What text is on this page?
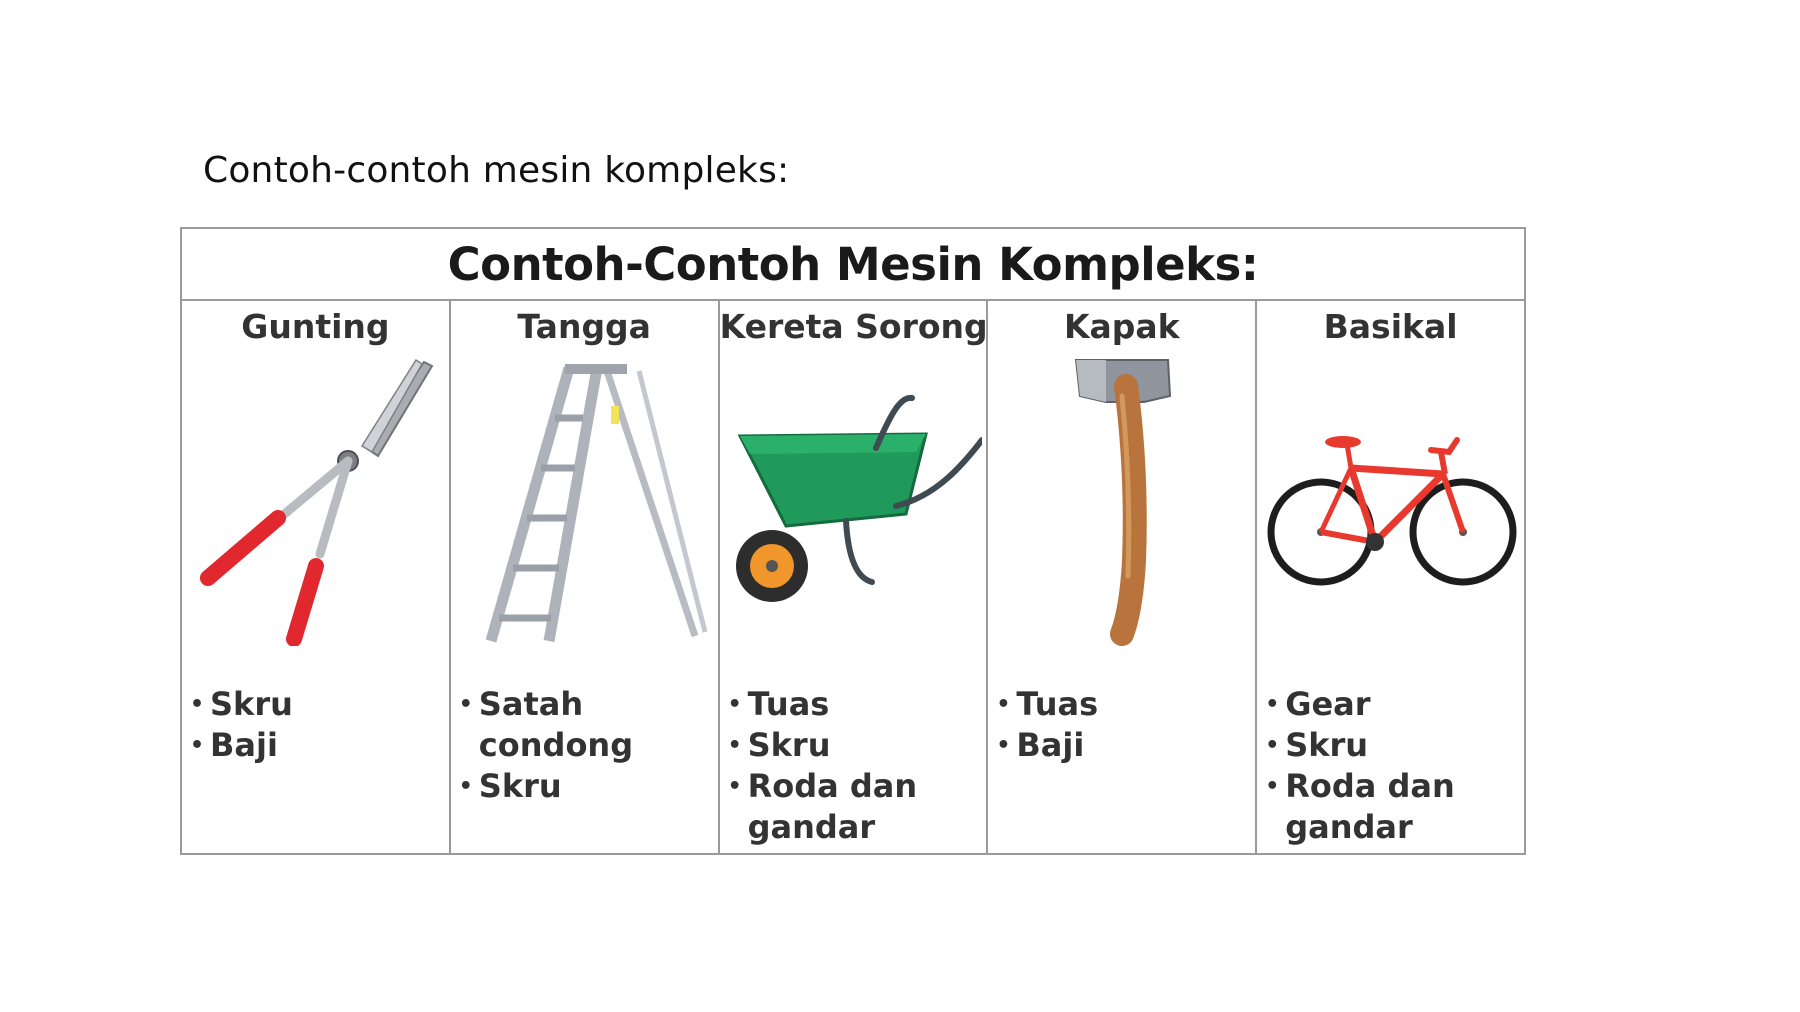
Contoh-contoh mesin kompleks:
Contoh-Contoh Mesin Kompleks:
Gunting
• Skru
• Baji
Tangga
• Satah condong
• Skru
Kereta Sorong
• Tuas
• Skru
• Roda dan gandar
Kapak
• Tuas
• Baji
Basikal
• Gear
• Skru
• Roda dan gandar
